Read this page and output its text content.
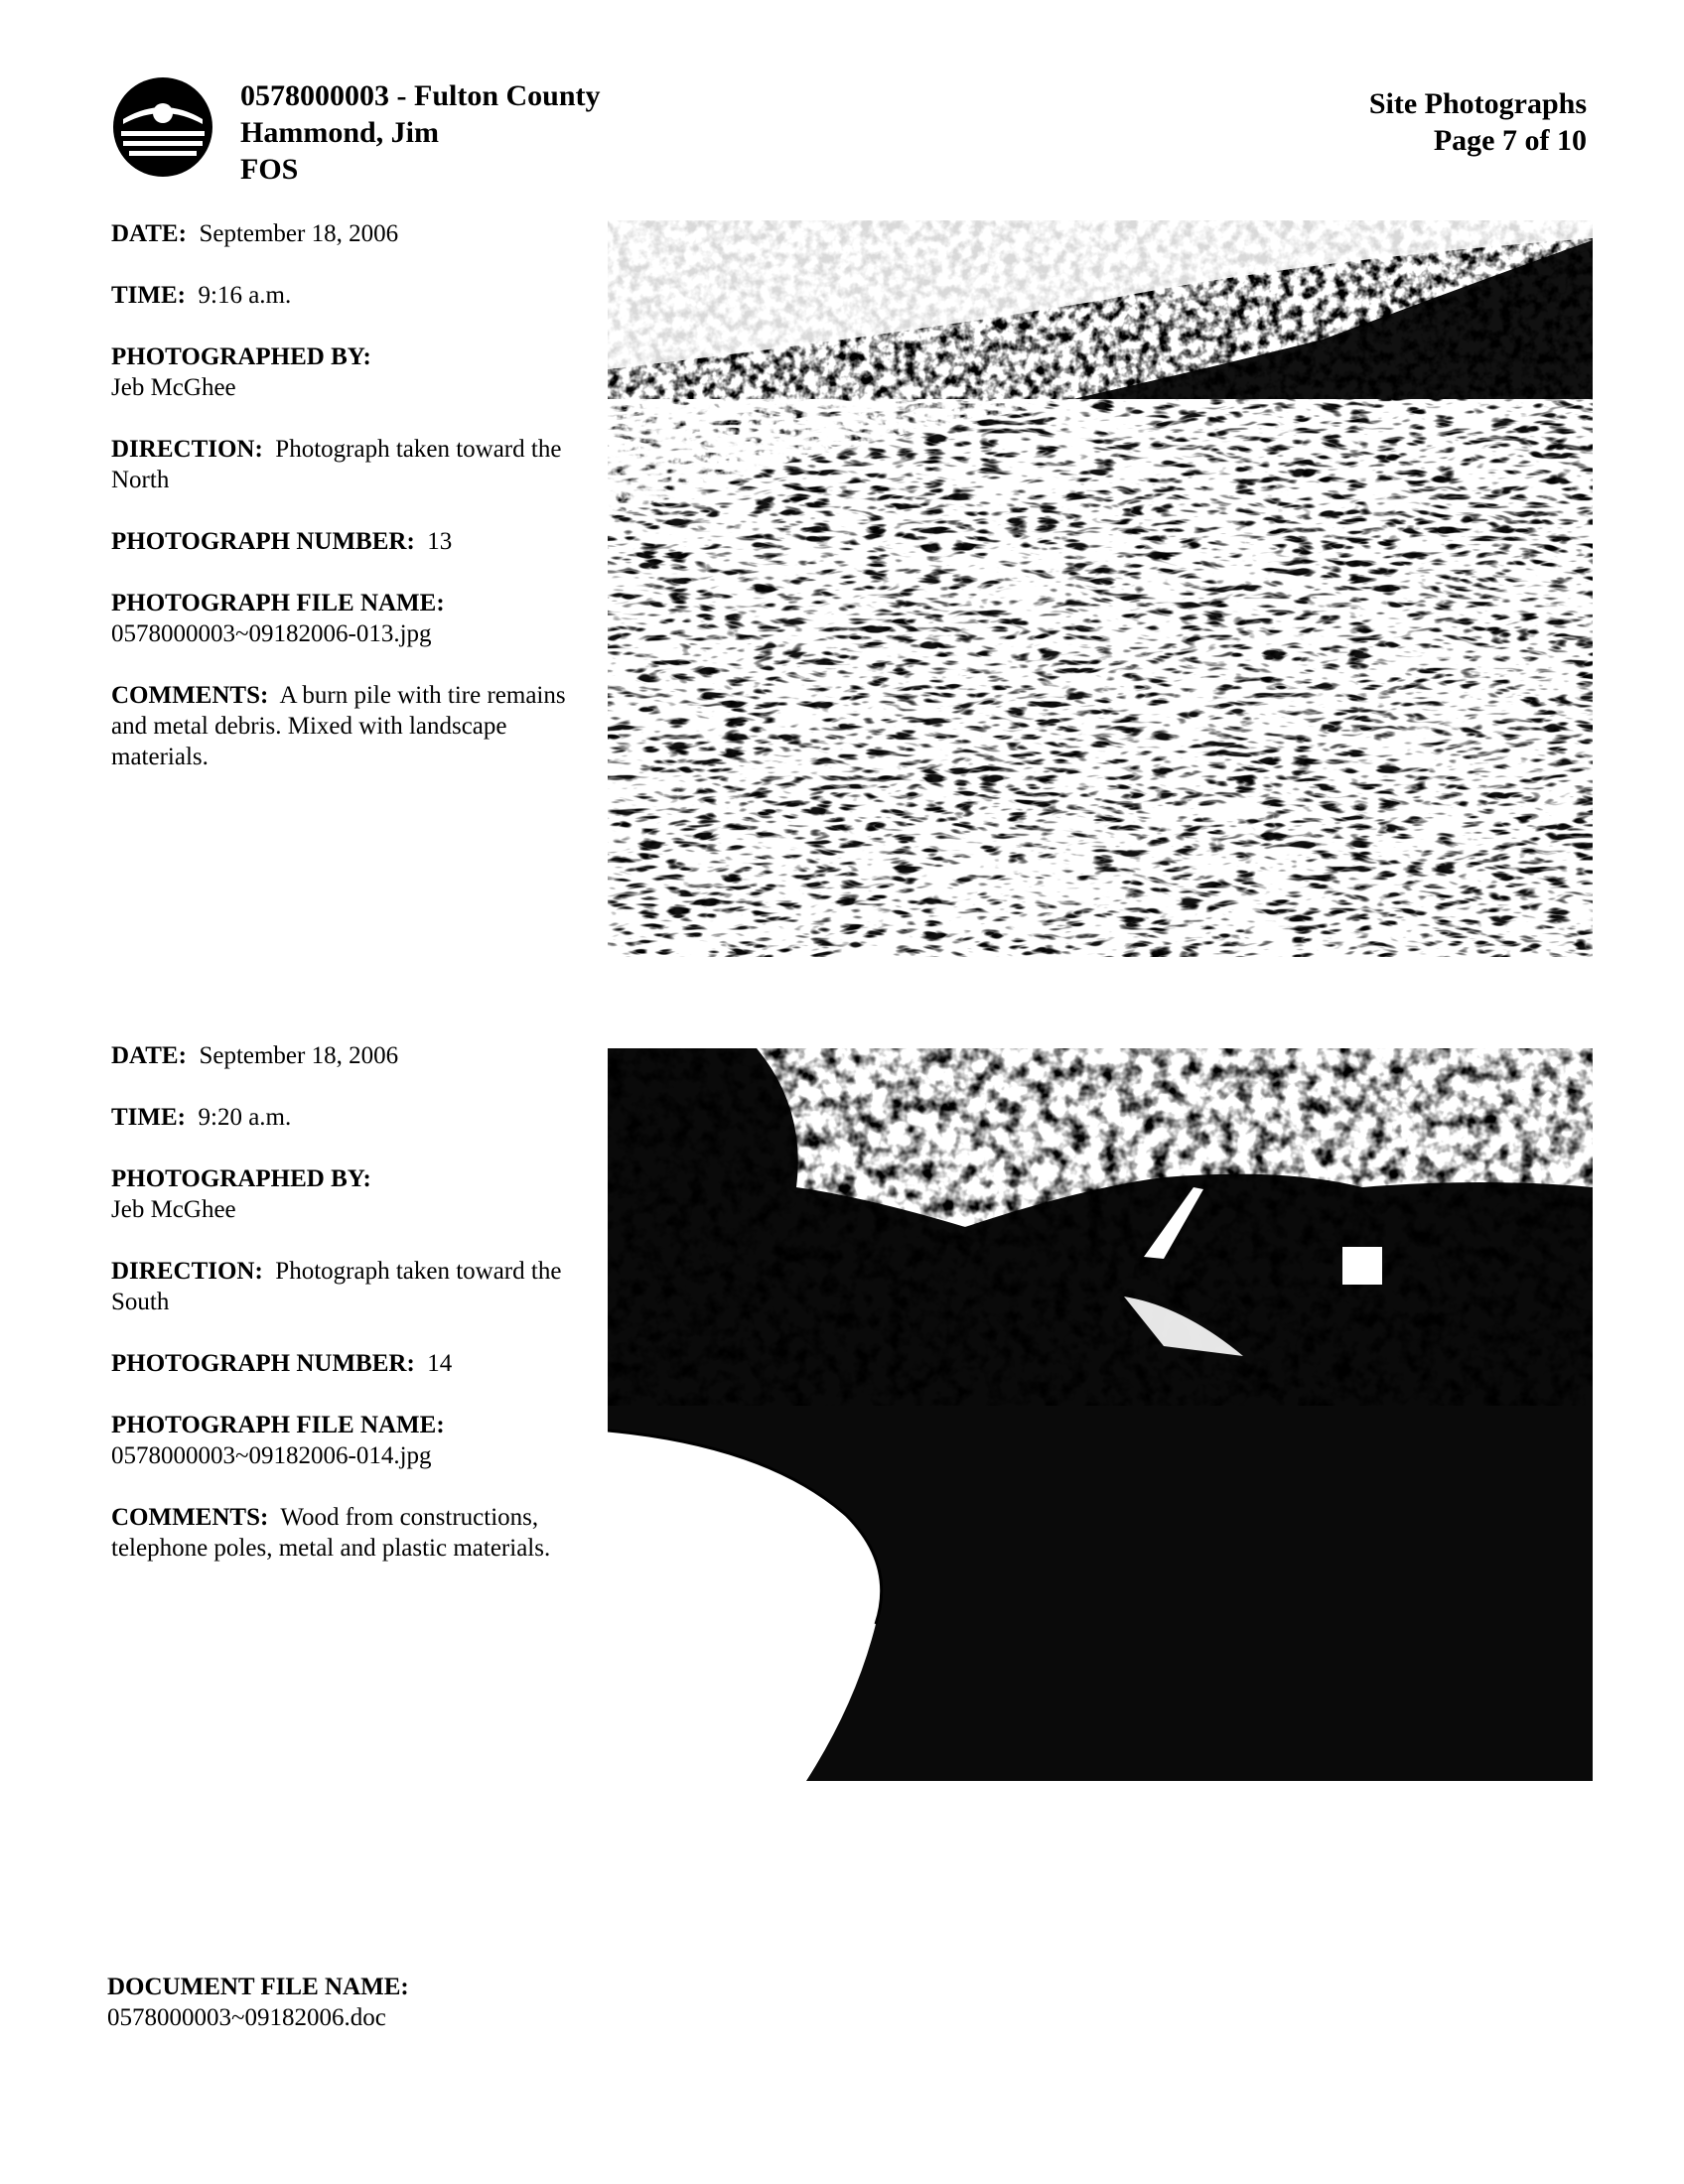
0578000003 - Fulton County
Hammond, Jim
FOS
Site Photographs
Page 7 of 10
DATE: September 18, 2006
TIME: 9:16 a.m.
PHOTOGRAPHED BY:
Jeb McGhee
DIRECTION: Photograph taken toward the North
PHOTOGRAPH NUMBER: 13
PHOTOGRAPH FILE NAME:
0578000003~09182006-013.jpg
COMMENTS: A burn pile with tire remains and metal debris. Mixed with landscape materials.
DATE: September 18, 2006
TIME: 9:20 a.m.
PHOTOGRAPHED BY:
Jeb McGhee
DIRECTION: Photograph taken toward the South
PHOTOGRAPH NUMBER: 14
PHOTOGRAPH FILE NAME:
0578000003~09182006-014.jpg
COMMENTS: Wood from constructions, telephone poles, metal and plastic materials.
DOCUMENT FILE NAME:
0578000003~09182006.doc
